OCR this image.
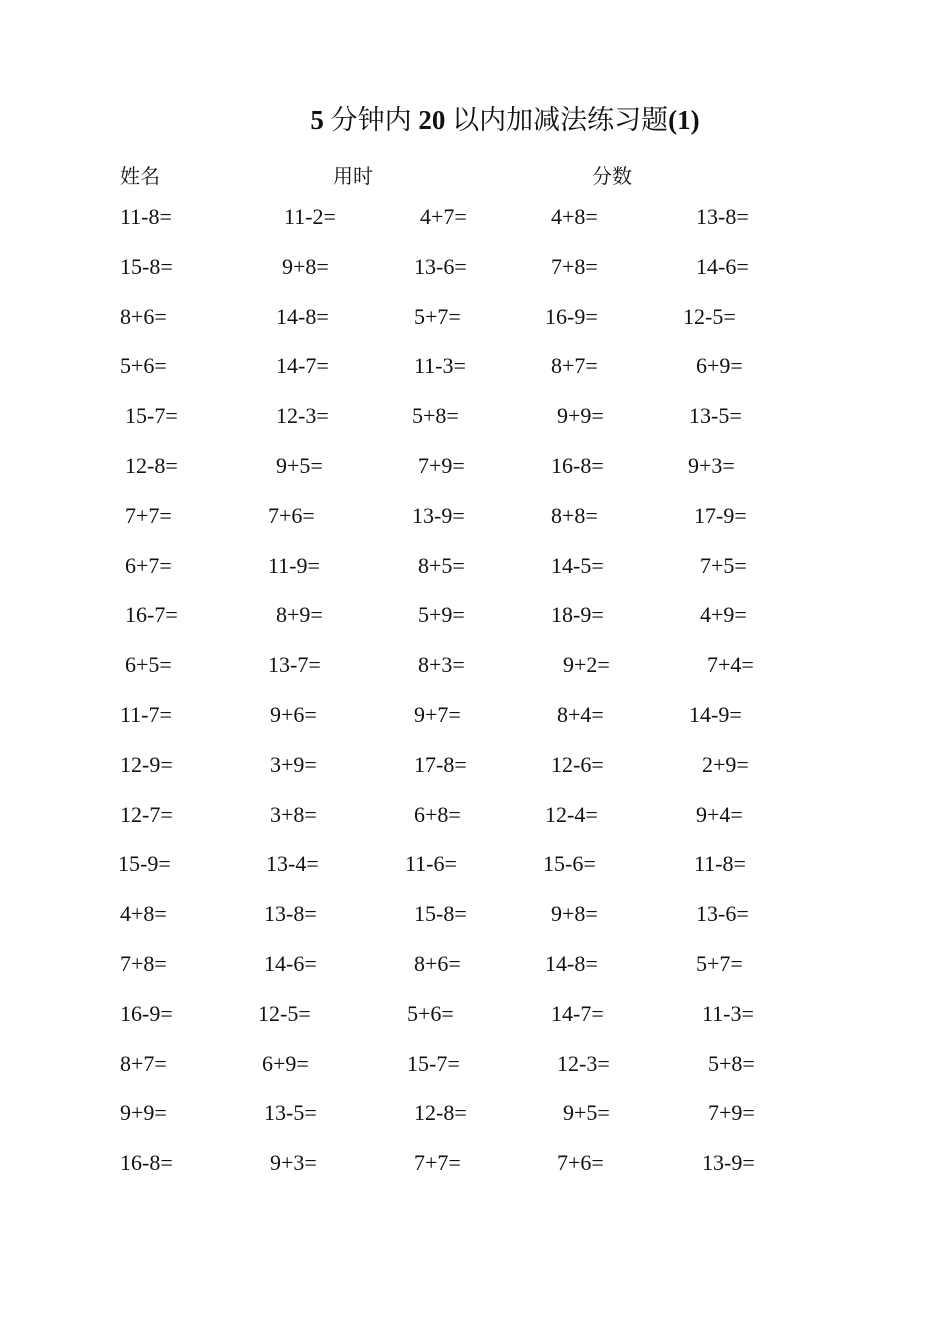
5 分钟内 20 以内加减法练习题(1)
姓名	用时	分数
11-8=	11-2=	4+7=	4+8=	13-8=
15-8=	9+8=	13-6=	7+8=	14-6=
8+6=	14-8=	5+7=	16-9=	12-5=
5+6=	14-7=	11-3=	8+7=	6+9=
15-7=	12-3=	5+8=	9+9=	13-5=
12-8=	9+5=	7+9=	16-8=	9+3=
7+7=	7+6=	13-9=	8+8=	17-9=
6+7=	11-9=	8+5=	14-5=	7+5=
16-7=	8+9=	5+9=	18-9=	4+9=
6+5=	13-7=	8+3=	9+2=	7+4=
11-7=	9+6=	9+7=	8+4=	14-9=
12-9=	3+9=	17-8=	12-6=	2+9=
12-7=	3+8=	6+8=	12-4=	9+4=
15-9=	13-4=	11-6=	15-6=	11-8=
4+8=	13-8=	15-8=	9+8=	13-6=
7+8=	14-6=	8+6=	14-8=	5+7=
16-9=	12-5=	5+6=	14-7=	11-3=
8+7=	6+9=	15-7=	12-3=	5+8=
9+9=	13-5=	12-8=	9+5=	7+9=
16-8=	9+3=	7+7=	7+6=	13-9=
